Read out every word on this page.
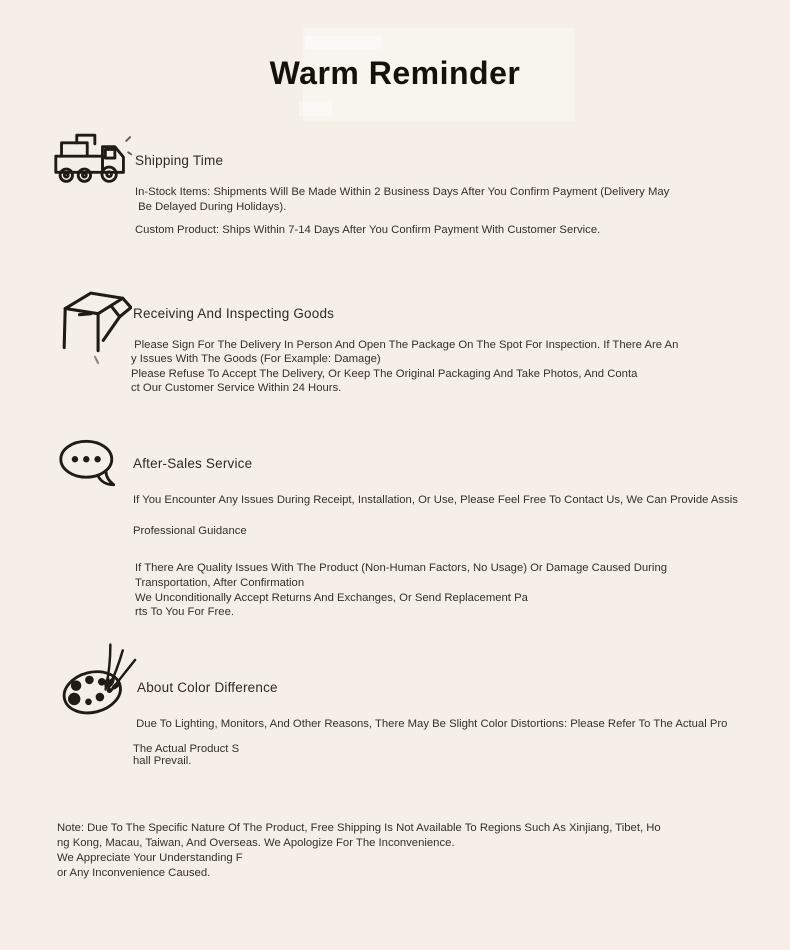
Warm Reminder
Shipping Time
In-Stock Items: Shipments Will Be Made Within 2 Business Days After You Confirm Payment (Delivery May
Be Delayed During Holidays).
Custom Product: Ships Within 7-14 Days After You Confirm Payment With Customer Service.
Receiving And Inspecting Goods
Please Sign For The Delivery In Person And Open The Package On The Spot For Inspection. If There Are An
y Issues With The Goods (For Example: Damage)
Please Refuse To Accept The Delivery, Or Keep The Original Packaging And Take Photos, And Conta
ct Our Customer Service Within 24 Hours.
After-Sales Service
If You Encounter Any Issues During Receipt, Installation, Or Use, Please Feel Free To Contact Us, We Can Provide Assis
Professional Guidance
If There Are Quality Issues With The Product (Non-Human Factors, No Usage) Or Damage Caused During
Transportation, After Confirmation
We Unconditionally Accept Returns And Exchanges, Or Send Replacement Pa
rts To You For Free.
About Color Difference
Due To Lighting, Monitors, And Other Reasons, There May Be Slight Color Distortions: Please Refer To The Actual Pro
The Actual Product S
hall Prevail.
Note: Due To The Specific Nature Of The Product, Free Shipping Is Not Available To Regions Such As Xinjiang, Tibet, Ho
ng Kong, Macau, Taiwan, And Overseas. We Apologize For The Inconvenience.
We Appreciate Your Understanding F
or Any Inconvenience Caused.
